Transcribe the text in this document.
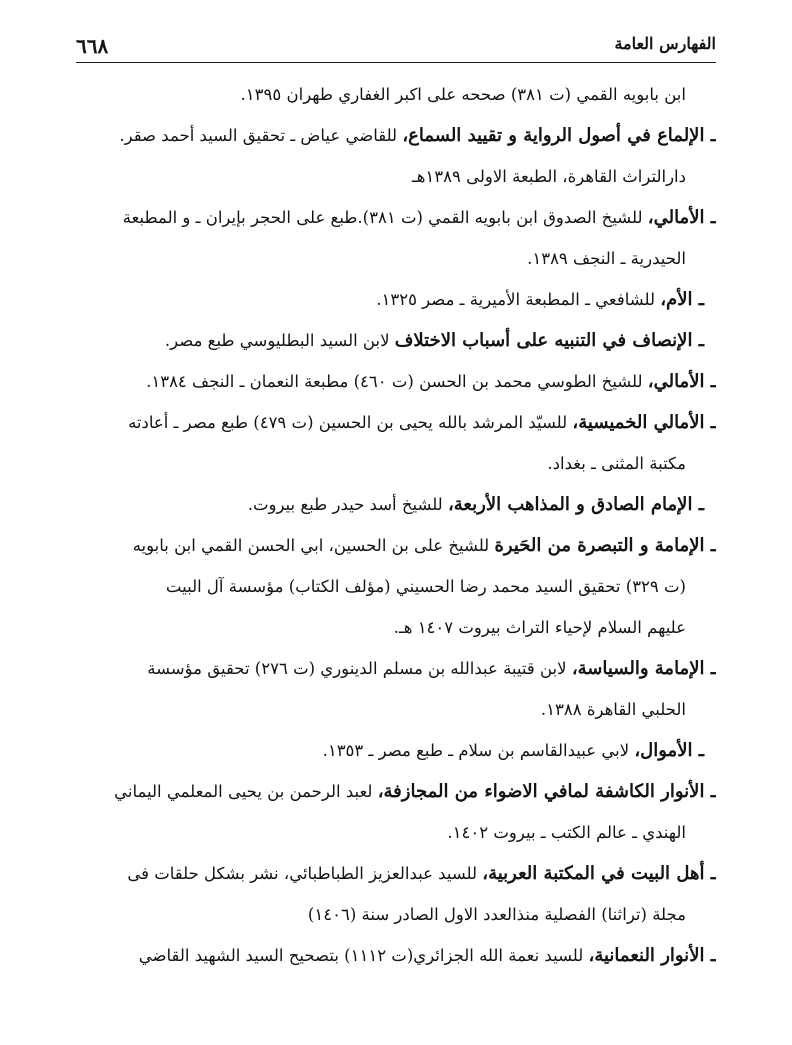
٦٦٨	الفهارس العامة
ابن بابويه القمي (ت ٣٨١) صححه على اكبر الغفاري طهران ١٣٩٥.
ـ الإلماع في أصول الرواية و تقييد السماع، للقاضي عياض ـ تحقيق السيد أحمد صقر.
دارالتراث القاهرة، الطبعة الاولى ١٣٨٩هـ
ـ الأمالي، للشيخ الصدوق ابن بابويه القمي (ت ٣٨١).طبع على الحجر بإيران ـ و المطبعة
الحيدرية ـ النجف ١٣٨٩.
ـ الأم، للشافعي ـ المطبعة الأميرية ـ مصر ١٣٢٥.
ـ الإنصاف في التنبيه على أسباب الاختلاف لابن السيد البطليوسي طبع مصر.
ـ الأمالي، للشيخ الطوسي محمد بن الحسن (ت ٤٦٠) مطبعة النعمان ـ النجف ١٣٨٤.
ـ الأمالي الخميسية، للسيّد المرشد بالله يحيى بن الحسين (ت ٤٧٩) طبع مصر ـ أعادته
مكتبة المثنى ـ بغداد.
ـ الإمام الصادق و المذاهب الأربعة، للشيخ أسد حيدر طبع بيروت.
ـ الإمامة و التبصرة من الحَيرة للشيخ على بن الحسين، ابي الحسن القمي ابن بابويه
(ت ٣٢٩) تحقيق السيد محمد رضا الحسيني (مؤلف الكتاب) مؤسسة آل البيت
عليهم السلام لإحياء التراث بيروت ١٤٠٧ هـ.
ـ الإمامة والسياسة، لابن قتيبة عبدالله بن مسلم الدينوري (ت ٢٧٦) تحقيق مؤسسة
الحلبي القاهرة ١٣٨٨.
ـ الأموال، لابي عبيدالقاسم بن سلام ـ طبع مصر ـ ١٣٥٣.
ـ الأنوار الكاشفة لمافي الاضواء من المجازفة، لعبد الرحمن بن يحيى المعلمي اليماني
الهندي ـ عالم الكتب ـ بيروت ١٤٠٢.
ـ أهل البيت في المكتبة العربية، للسيد عبدالعزيز الطباطبائي، نشر بشكل حلقات فى
مجلة (تراثنا) الفصلية منذالعدد الاول الصادر سنة (١٤٠٦)
ـ الأنوار النعمانية، للسيد نعمة الله الجزائري(ت ١١١٢) بتصحيح السيد الشهيد القاضي
